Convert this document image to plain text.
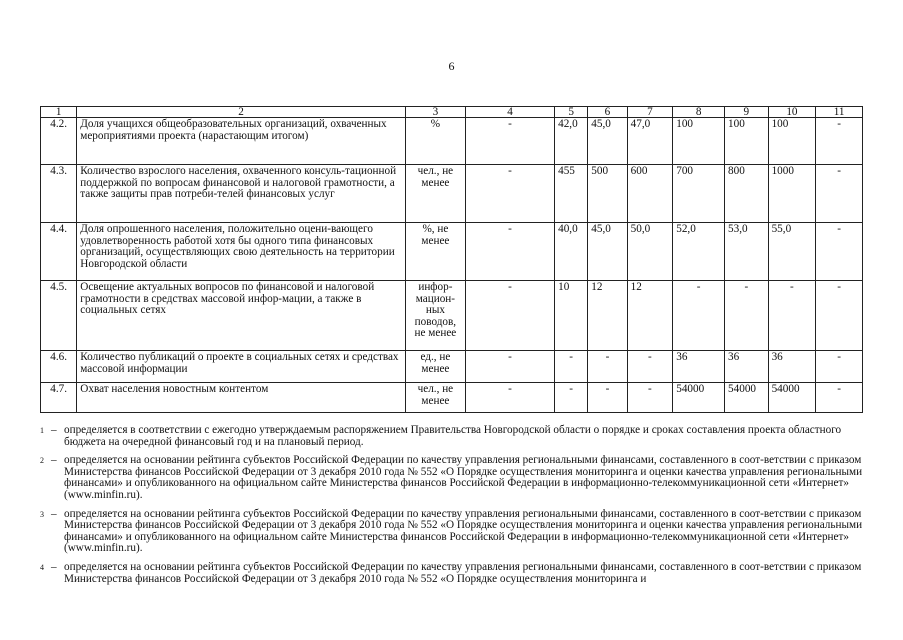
6
1	2	3	4	5	6	7	8	9	10	11
4.2.	Доля учащихся общеобразовательных организаций, охваченных мероприятиями проекта (нарастающим итогом)	%	-	42,0	45,0	47,0	100	100	100	-
4.3.	Количество взрослого населения, охваченного консуль-тационной поддержкой по вопросам финансовой и налоговой грамотности, а также защиты прав потреби-телей финансовых услуг	чел., не менее	-	455	500	600	700	800	1000	-
4.4.	Доля опрошенного населения, положительно оцени-вающего удовлетворенность работой хотя бы одного типа финансовых организаций, осуществляющих свою деятельность на территории Новгородской области	%, не менее	-	40,0	45,0	50,0	52,0	53,0	55,0	-
4.5.	Освещение актуальных вопросов по финансовой и налоговой грамотности в средствах массовой инфор-мации, а также в социальных сетях	инфор-мацион-ных поводов, не менее	-	10	12	12	-	-	-	-
4.6.	Количество публикаций о проекте в социальных сетях и средствах массовой информации	ед., не менее	-	-	-	-	36	36	36	-
4.7.	Охват населения новостным контентом	чел., не менее	-	-	-	-	54000	54000	54000	-
$^1$ – определяется в соответствии с ежегодно утверждаемым распоряжением Правительства Новгородской области о порядке и сроках составления проекта областного бюджета на очередной финансовый год и на плановый период.
$^2$ – определяется на основании рейтинга субъектов Российской Федерации по качеству управления региональными финансами, составленного в соот-ветствии с приказом Министерства финансов Российской Федерации от 3 декабря 2010 года № 552 «О Порядке осуществления мониторинга и оценки качества управления региональными финансами» и опубликованного на официальном сайте Министерства финансов Российской Федерации в информационно-телекоммуникационной сети «Интернет» (www.minfin.ru).
$^3$ – определяется на основании рейтинга субъектов Российской Федерации по качеству управления региональными финансами, составленного в соот-ветствии с приказом Министерства финансов Российской Федерации от 3 декабря 2010 года № 552 «О Порядке осуществления мониторинга и оценки качества управления региональными финансами» и опубликованного на официальном сайте Министерства финансов Российской Федерации в информационно-телекоммуникационной сети «Интернет» (www.minfin.ru).
$^4$ – определяется на основании рейтинга субъектов Российской Федерации по качеству управления региональными финансами, составленного в соот-ветствии с приказом Министерства финансов Российской Федерации от 3 декабря 2010 года № 552 «О Порядке осуществления мониторинга и
